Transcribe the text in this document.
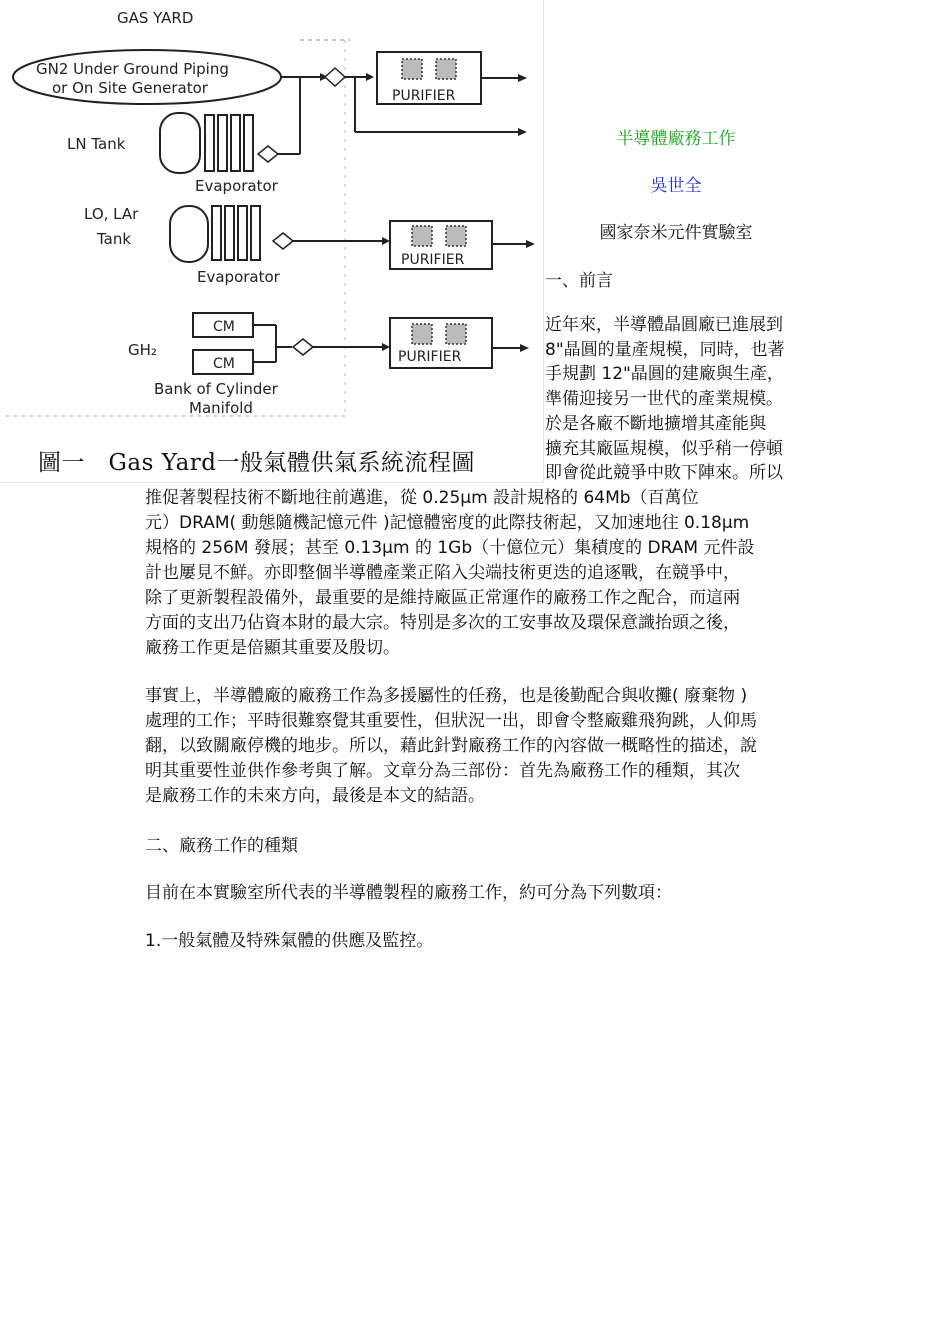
GAS YARD
GN2 Under Ground Piping
or On Site Generator	PURIFIER
LN Tank
Evaporator
LO, LAr
Tank
Evaporator
PURIFIER
GH₂
CM
CM
Bank of Cylinder
Manifold
PURIFIER
圖一　Gas Yard一般氣體供氣系統流程圖
半導體廠務工作
吳世全
國家奈米元件實驗室
一、前言
近年來，半導體晶圓廠已進展到
8"晶圓的量產規模，同時，也著
手規劃 12"晶圓的建廠與生產，
準備迎接另一世代的產業規模。
於是各廠不斷地擴增其產能與
擴充其廠區規模，似乎稍一停頓
即會從此競爭中敗下陣來。所以
推促著製程技術不斷地往前邁進，從 0.25µm 設計規格的 64Mb（百萬位
元）DRAM( 動態隨機記憶元件 )記憶體密度的此際技術起，又加速地往 0.18µm
規格的 256M 發展；甚至 0.13µm 的 1Gb（十億位元）集積度的 DRAM 元件設
計也屢見不鮮。亦即整個半導體產業正陷入尖端技術更迭的追逐戰，在競爭中，
除了更新製程設備外，最重要的是維持廠區正常運作的廠務工作之配合，而這兩
方面的支出乃佔資本財的最大宗。特別是多次的工安事故及環保意識抬頭之後，
廠務工作更是倍顯其重要及殷切。
事實上，半導體廠的廠務工作為多援屬性的任務，也是後勤配合與收攤( 廢棄物 )
處理的工作；平時很難察覺其重要性，但狀況一出，即會令整廠雞飛狗跳，人仰馬
翻，以致關廠停機的地步。所以，藉此針對廠務工作的內容做一概略性的描述，說
明其重要性並供作參考與了解。文章分為三部份：首先為廠務工作的種類，其次
是廠務工作的未來方向，最後是本文的結語。
二、廠務工作的種類
目前在本實驗室所代表的半導體製程的廠務工作，約可分為下列數項：
1.一般氣體及特殊氣體的供應及監控。
